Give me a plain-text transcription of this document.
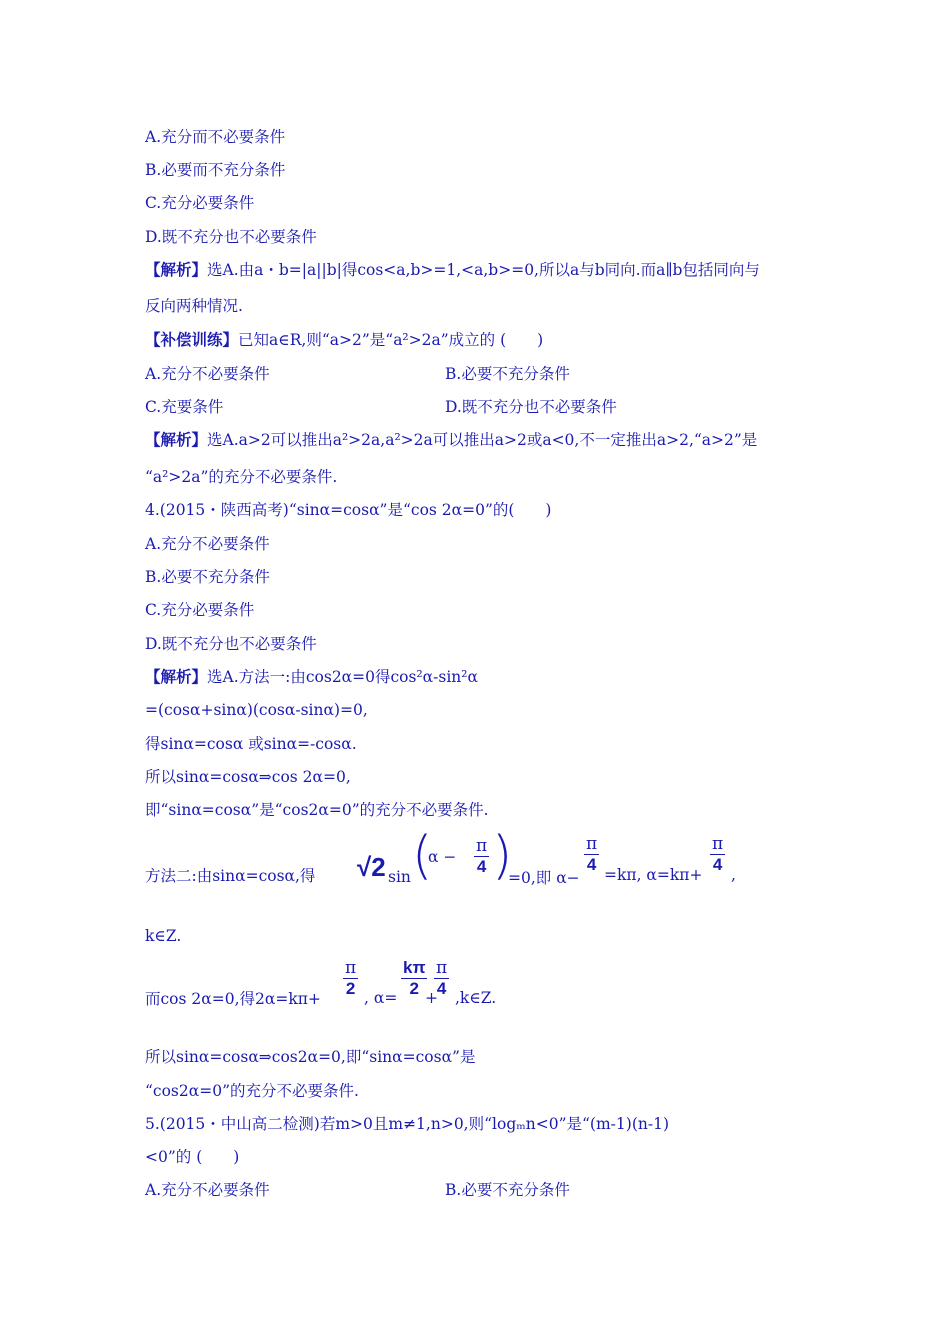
A.充分而不必要条件
B.必要而不充分条件
C.充分必要条件
D.既不充分也不必要条件
【解析】选A.由a・b=|a||b|得cos<a,b>=1,<a,b>=0,所以a与b同向.而a∥b包括同向与
反向两种情况.
【补偿训练】已知a∈R,则“a>2”是“a²>2a”成立的 (　　)
A.充分不必要条件	B.必要不充分条件
C.充要条件	D.既不充分也不必要条件
【解析】选A.a>2可以推出a²>2a,a²>2a可以推出a>2或a<0,不一定推出a>2,“a>2”是
“a²>2a”的充分不必要条件.
4.(2015・陕西高考)“sinα=cosα”是“cos 2α=0”的(　　)
A.充分不必要条件
B.必要不充分条件
C.充分必要条件
D.既不充分也不必要条件
【解析】选A.方法一:由cos2α=0得cos²α-sin²α
=(cosα+sinα)(cosα-sinα)=0,
得sinα=cosα 或sinα=-cosα.
所以sinα=cosα⇒cos 2α=0,
即“sinα=cosα”是“cos2α=0”的充分不必要条件.
方法二:由sinα=cosα,得 √2 sin (
α −
π
4 )
=0,即 α−
π
4
=kπ, α=kπ+
π
4
,
k∈Z.
而cos 2α=0,得2α=kπ+
π
2 , α=
kπ
2 +
π
4 ,k∈Z.
所以sinα=cosα⇒cos2α=0,即“sinα=cosα”是
“cos2α=0”的充分不必要条件.
5.(2015・中山高二检测)若m>0且m≠1,n>0,则“logₘn<0”是“(m-1)(n-1)
<0”的 (　　)
A.充分不必要条件	B.必要不充分条件
